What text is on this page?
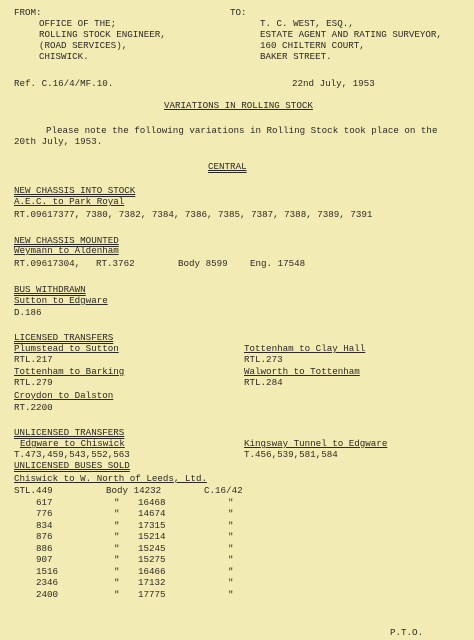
FROM:
OFFICE OF THE;
ROLLING STOCK ENGINEER,
(ROAD SERVICES),
CHISWICK.
TO:
T. C. WEST, ESQ.,
ESTATE AGENT AND RATING SURVEYOR,
160 CHILTERN COURT,
BAKER STREET.
Ref. C.16/4/MF.10.	22nd July, 1953
VARIATIONS IN ROLLING STOCK
Please note the following variations in Rolling Stock took place on the
20th July, 1953.
CENTRAL
NEW CHASSIS INTO STOCK
A.E.C. to Park Royal
RT.09617377, 7380, 7382, 7384, 7386, 7385, 7387, 7388, 7389, 7391
NEW CHASSIS MOUNTED
Weymann to Aldenham
RT.09617304, RT.3762	Body 8599 Eng. 17548
BUS WITHDRAWN
Sutton to Edgware
D.186
LICENSED TRANSFERS
Plumstead to Sutton
RTL.217
Tottenham to Barking
RTL.279
Croydon to Dalston
RT.2200
Tottenham to Clay Hall
RTL.273
Walworth to Tottenham
RTL.284
UNLICENSED TRANSFERS
Edgware to Chiswick
T.473,459,543,552,563
Kingsway Tunnel to Edgware
T.456,539,581,584
UNLICENSED BUSES SOLD
Chiswick to W. North of Leeds, Ltd.
STL.449	Body 14232	C.16/42
617	" 16468	"
776	" 14674	"
834	" 17315	"
876	" 15214	"
886	" 15245	"
907	" 15275	"
1516	" 16466	"
2346	" 17132	"
2400	" 17775	"
P.T.O.
